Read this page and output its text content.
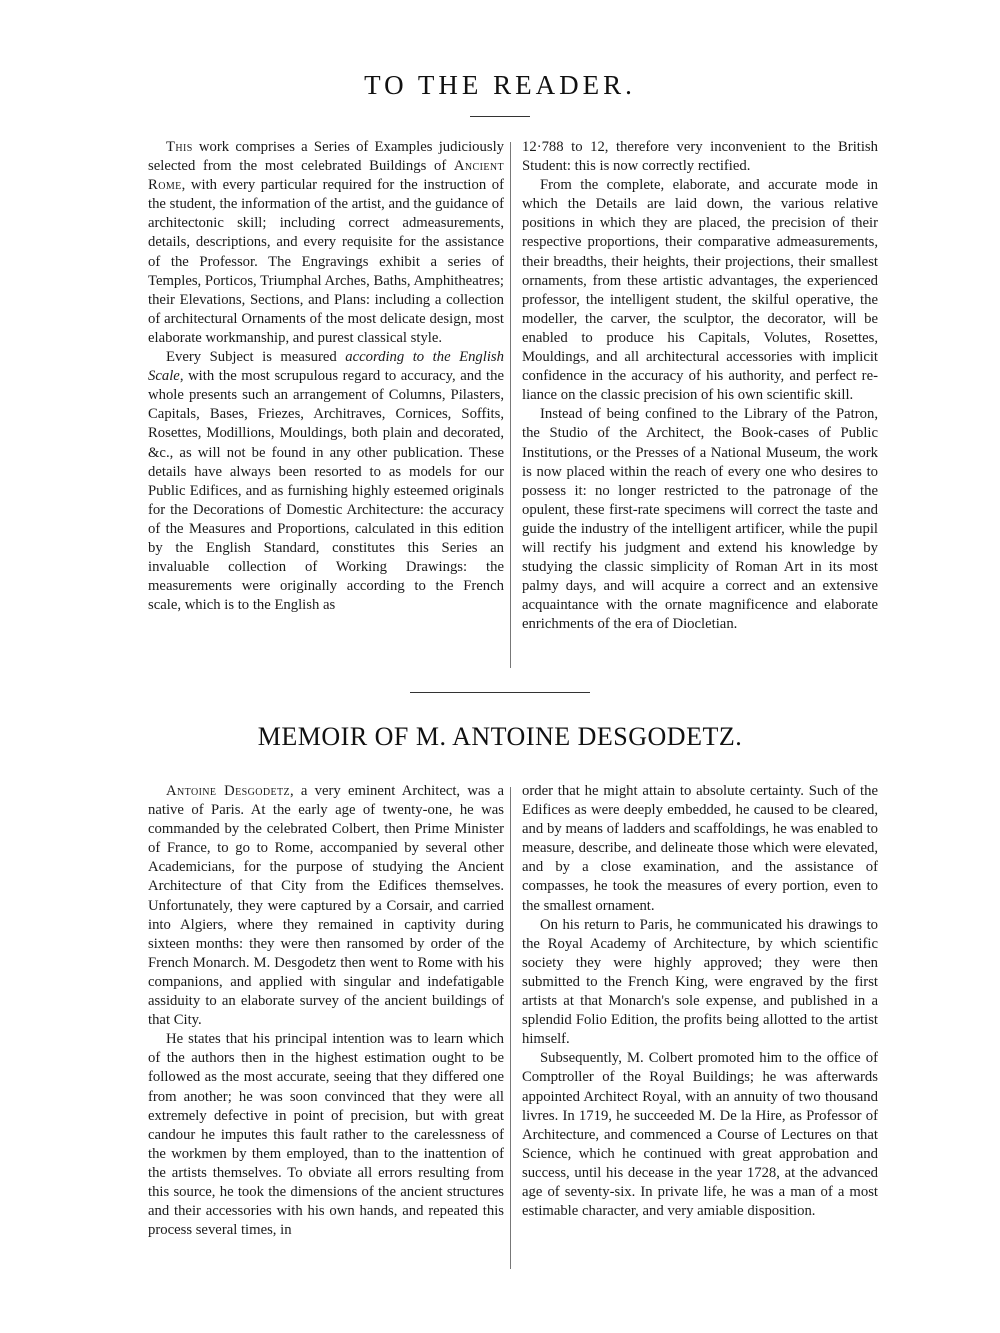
TO THE READER.

This work comprises a Series of Examples judiciously selected from the most celebrated Buildings of Ancient Rome, with every particular required for the instruction of the student, the information of the artist, and the guidance of architectonic skill; including correct admeasurements, details, descriptions, and every requisite for the assistance of the Professor. The Engravings exhibit a series of Temples, Porticos, Triumphal Arches, Baths, Amphitheatres; their Elevations, Sections, and Plans: including a collection of architectural Ornaments of the most delicate design, most elaborate workmanship, and purest classical style.

Every Subject is measured according to the English Scale, with the most scrupulous regard to accuracy, and the whole presents such an arrangement of Columns, Pilasters, Capitals, Bases, Friezes, Architraves, Cornices, Soffits, Rosettes, Modillions, Mouldings, both plain and decorated, &c., as will not be found in any other publication. These details have always been resorted to as models for our Public Edifices, and as furnishing highly esteemed originals for the Decorations of Domestic Architecture: the accuracy of the Measures and Proportions, calculated in this edition by the English Standard, constitutes this Series an invaluable collection of Working Drawings: the measurements were originally according to the French scale, which is to the English as

12·788 to 12, therefore very inconvenient to the British Student: this is now correctly rectified.

From the complete, elaborate, and accurate mode in which the Details are laid down, the various relative positions in which they are placed, the precision of their respective proportions, their comparative admeasurements, their breadths, their heights, their projections, their smallest ornaments, from these artistic advantages, the experienced professor, the intelligent student, the skilful operative, the modeller, the carver, the sculptor, the decorator, will be enabled to produce his Capitals, Volutes, Rosettes, Mouldings, and all architectural accessories with implicit confidence in the accuracy of his authority, and perfect reliance on the classic precision of his own scientific skill.

Instead of being confined to the Library of the Patron, the Studio of the Architect, the Book-cases of Public Institutions, or the Presses of a National Museum, the work is now placed within the reach of every one who desires to possess it: no longer restricted to the patronage of the opulent, these first-rate specimens will correct the taste and guide the industry of the intelligent artificer, while the pupil will rectify his judgment and extend his knowledge by studying the classic simplicity of Roman Art in its most palmy days, and will acquire a correct and an extensive acquaintance with the ornate magnificence and elaborate enrichments of the era of Diocletian.

MEMOIR OF M. ANTOINE DESGODETZ.

Antoine Desgodetz, a very eminent Architect, was a native of Paris. At the early age of twenty-one, he was commanded by the celebrated Colbert, then Prime Minister of France, to go to Rome, accompanied by several other Academicians, for the purpose of studying the Ancient Architecture of that City from the Edifices themselves. Unfortunately, they were captured by a Corsair, and carried into Algiers, where they remained in captivity during sixteen months: they were then ransomed by order of the French Monarch. M. Desgodetz then went to Rome with his companions, and applied with singular and indefatigable assiduity to an elaborate survey of the ancient buildings of that City.

He states that his principal intention was to learn which of the authors then in the highest estimation ought to be followed as the most accurate, seeing that they differed one from another; he was soon convinced that they were all extremely defective in point of precision, but with great candour he imputes this fault rather to the carelessness of the workmen by them employed, than to the inattention of the artists themselves. To obviate all errors resulting from this source, he took the dimensions of the ancient structures and their accessories with his own hands, and repeated this process several times, in

order that he might attain to absolute certainty. Such of the Edifices as were deeply embedded, he caused to be cleared, and by means of ladders and scaffoldings, he was enabled to measure, describe, and delineate those which were elevated, and by a close examination, and the assistance of compasses, he took the measures of every portion, even to the smallest ornament.

On his return to Paris, he communicated his drawings to the Royal Academy of Architecture, by which scientific society they were highly approved; they were then submitted to the French King, were engraved by the first artists at that Monarch's sole expense, and published in a splendid Folio Edition, the profits being allotted to the artist himself.

Subsequently, M. Colbert promoted him to the office of Comptroller of the Royal Buildings; he was afterwards appointed Architect Royal, with an annuity of two thousand livres. In 1719, he succeeded M. De la Hire, as Professor of Architecture, and commenced a Course of Lectures on that Science, which he continued with great approbation and success, until his decease in the year 1728, at the advanced age of seventy-six. In private life, he was a man of a most estimable character, and very amiable disposition.
